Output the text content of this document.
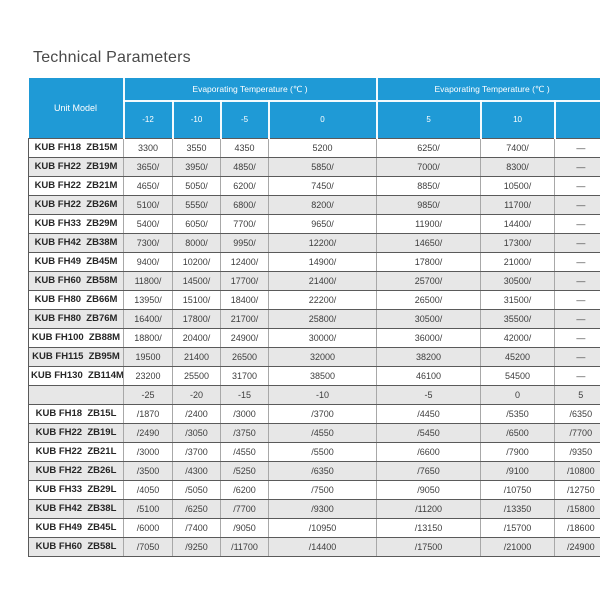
Technical Parameters
Unit Model	Evaporating Temperature (℃ )				Evaporating Temperature (℃ )		
	-12	-10	-5	0	5	10	
KUB FH18  ZB15M	3300	3550	4350	5200	6250/	7400/	—
KUB FH22  ZB19M	3650/	3950/	4850/	5850/	7000/	8300/	—
KUB FH22  ZB21M	4650/	5050/	6200/	7450/	8850/	10500/	—
KUB FH22  ZB26M	5100/	5550/	6800/	8200/	9850/	11700/	—
KUB FH33  ZB29M	5400/	6050/	7700/	9650/	11900/	14400/	—
KUB FH42  ZB38M	7300/	8000/	9950/	12200/	14650/	17300/	—
KUB FH49  ZB45M	9400/	10200/	12400/	14900/	17800/	21000/	—
KUB FH60  ZB58M	11800/	14500/	17700/	21400/	25700/	30500/	—
KUB FH80  ZB66M	13950/	15100/	18400/	22200/	26500/	31500/	—
KUB FH80  ZB76M	16400/	17800/	21700/	25800/	30500/	35500/	—
KUB FH100  ZB88M	18800/	20400/	24900/	30000/	36000/	42000/	—
KUB FH115  ZB95M	19500	21400	26500	32000	38200	45200	—
KUB FH130  ZB114M	23200	25500	31700	38500	46100	54500	—
	-25	-20	-15	-10	-5	0	5
KUB FH18  ZB15L	/1870	/2400	/3000	/3700	/4450	/5350	/6350
KUB FH22  ZB19L	/2490	/3050	/3750	/4550	/5450	/6500	/7700
KUB FH22  ZB21L	/3000	/3700	/4550	/5500	/6600	/7900	/9350
KUB FH22  ZB26L	/3500	/4300	/5250	/6350	/7650	/9100	/10800
KUB FH33  ZB29L	/4050	/5050	/6200	/7500	/9050	/10750	/12750
KUB FH42  ZB38L	/5100	/6250	/7700	/9300	/11200	/13350	/15800
KUB FH49  ZB45L	/6000	/7400	/9050	/10950	/13150	/15700	/18600
KUB FH60  ZB58L	/7050	/9250	/11700	/14400	/17500	/21000	/24900
